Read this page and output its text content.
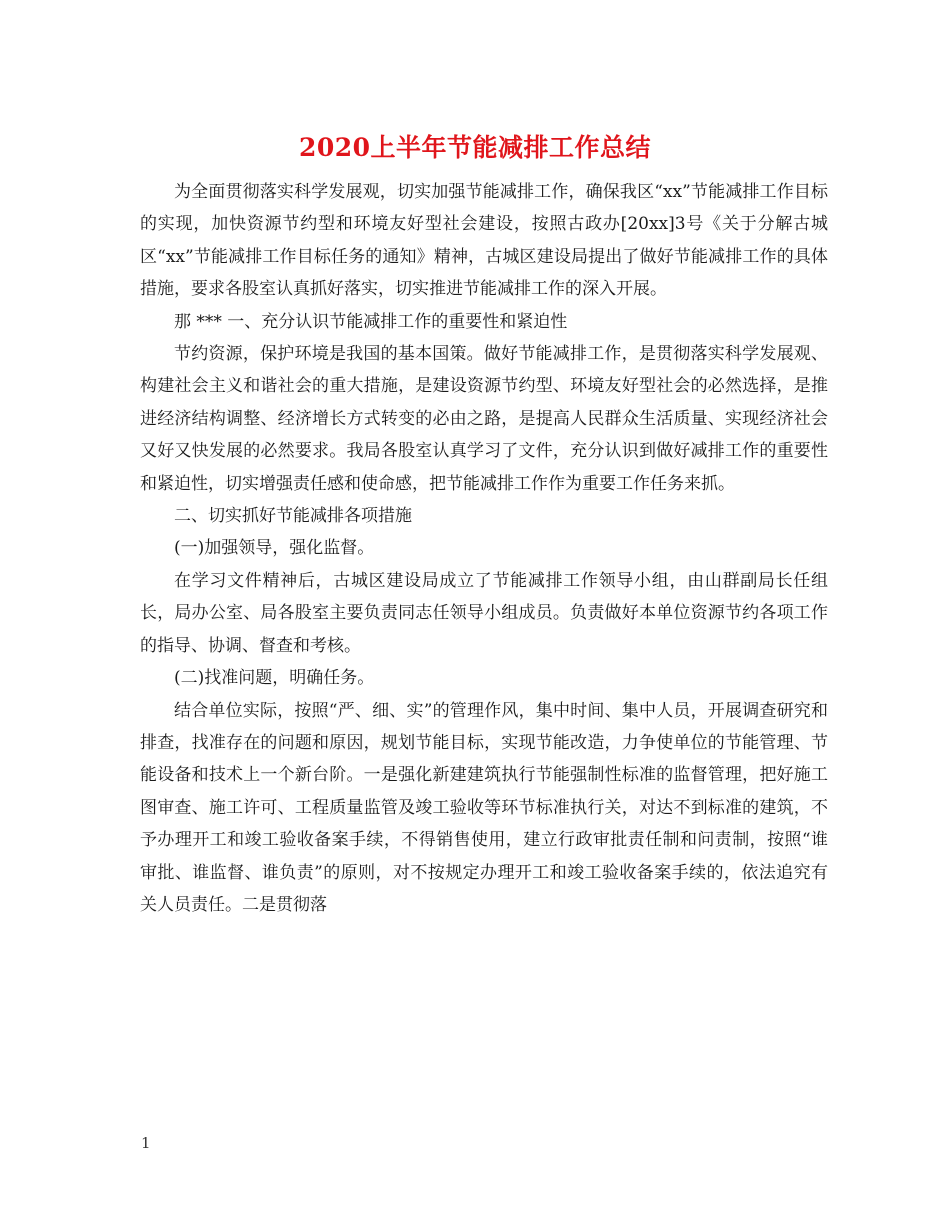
2020上半年节能减排工作总结

为全面贯彻落实科学发展观，切实加强节能减排工作，确保我区“xx”节能减排工作目标的实现，加快资源节约型和环境友好型社会建设，按照古政办[20xx]3号《关于分解古城区“xx”节能减排工作目标任务的通知》精神，古城区建设局提出了做好节能减排工作的具体措施，要求各股室认真抓好落实，切实推进节能减排工作的深入开展。

那 *** 一、充分认识节能减排工作的重要性和紧迫性

节约资源，保护环境是我国的基本国策。做好节能减排工作，是贯彻落实科学发展观、构建社会主义和谐社会的重大措施，是建设资源节约型、环境友好型社会的必然选择，是推进经济结构调整、经济增长方式转变的必由之路，是提高人民群众生活质量、实现经济社会又好又快发展的必然要求。我局各股室认真学习了文件，充分认识到做好减排工作的重要性和紧迫性，切实增强责任感和使命感，把节能减排工作作为重要工作任务来抓。

二、切实抓好节能减排各项措施

(一)加强领导，强化监督。

在学习文件精神后，古城区建设局成立了节能减排工作领导小组，由山群副局长任组长，局办公室、局各股室主要负责同志任领导小组成员。负责做好本单位资源节约各项工作的指导、协调、督查和考核。

(二)找准问题，明确任务。

结合单位实际，按照“严、细、实”的管理作风，集中时间、集中人员，开展调查研究和排查，找准存在的问题和原因，规划节能目标，实现节能改造，力争使单位的节能管理、节能设备和技术上一个新台阶。一是强化新建建筑执行节能强制性标准的监督管理，把好施工图审查、施工许可、工程质量监管及竣工验收等环节标准执行关，对达不到标准的建筑，不予办理开工和竣工验收备案手续，不得销售使用，建立行政审批责任制和问责制，按照“谁审批、谁监督、谁负责”的原则，对不按规定办理开工和竣工验收备案手续的，依法追究有关人员责任。二是贯彻落

1
